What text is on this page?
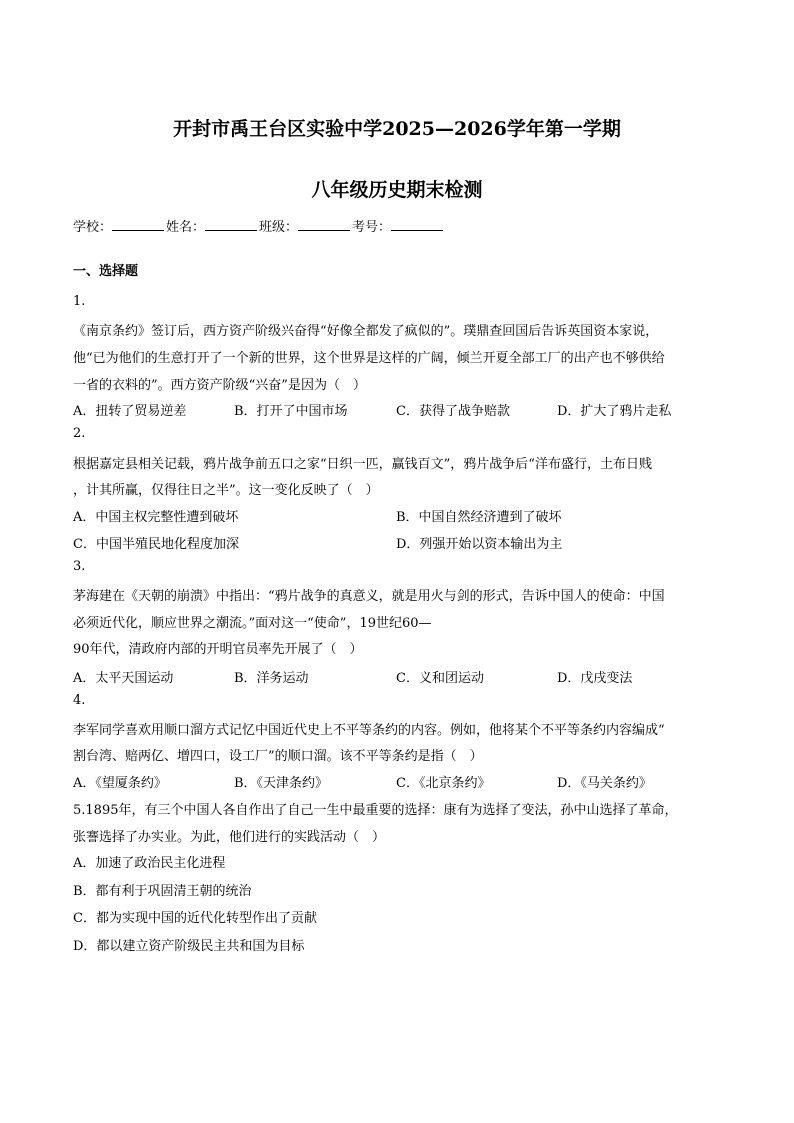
开封市禹王台区实验中学2025—2026学年第一学期
八年级历史期末检测
学校：	姓名：	班级：	考号：
一、选择题
1.
《南京条约》签订后，西方资产阶级兴奋得“好像全都发了疯似的”。璞鼎查回国后告诉英国资本家说，
他“已为他们的生意打开了一个新的世界，这个世界是这样的广阔，倾兰开夏全部工厂的出产也不够供给
一省的衣料的”。西方资产阶级“兴奋”是因为（　）
A．扭转了贸易逆差	B．打开了中国市场	C．获得了战争赔款	D．扩大了鸦片走私
2.
根据嘉定县相关记载，鸦片战争前五口之家“日织一匹，赢钱百文”，鸦片战争后“洋布盛行，土布日贱
，计其所赢，仅得往日之半”。这一变化反映了（　）
A．中国主权完整性遭到破坏	B．中国自然经济遭到了破坏
C．中国半殖民地化程度加深	D．列强开始以资本输出为主
3.
茅海建在《天朝的崩溃》中指出：“鸦片战争的真意义，就是用火与剑的形式，告诉中国人的使命：中国
必须近代化，顺应世界之潮流。”面对这一“使命”，19世纪60—
90年代，清政府内部的开明官员率先开展了（　）
A．太平天国运动	B．洋务运动	C．义和团运动	D．戊戌变法
4.
李军同学喜欢用顺口溜方式记忆中国近代史上不平等条约的内容。例如，他将某个不平等条约内容编成“
割台湾、赔两亿、增四口，设工厂”的顺口溜。该不平等条约是指（　）
A．《望厦条约》	B．《天津条约》	C．《北京条约》	D．《马关条约》
5.1895年，有三个中国人各自作出了自己一生中最重要的选择：康有为选择了变法，孙中山选择了革命，
张謇选择了办实业。为此，他们进行的实践活动（　）
A．加速了政治民主化进程
B．都有利于巩固清王朝的统治
C．都为实现中国的近代化转型作出了贡献
D．都以建立资产阶级民主共和国为目标
